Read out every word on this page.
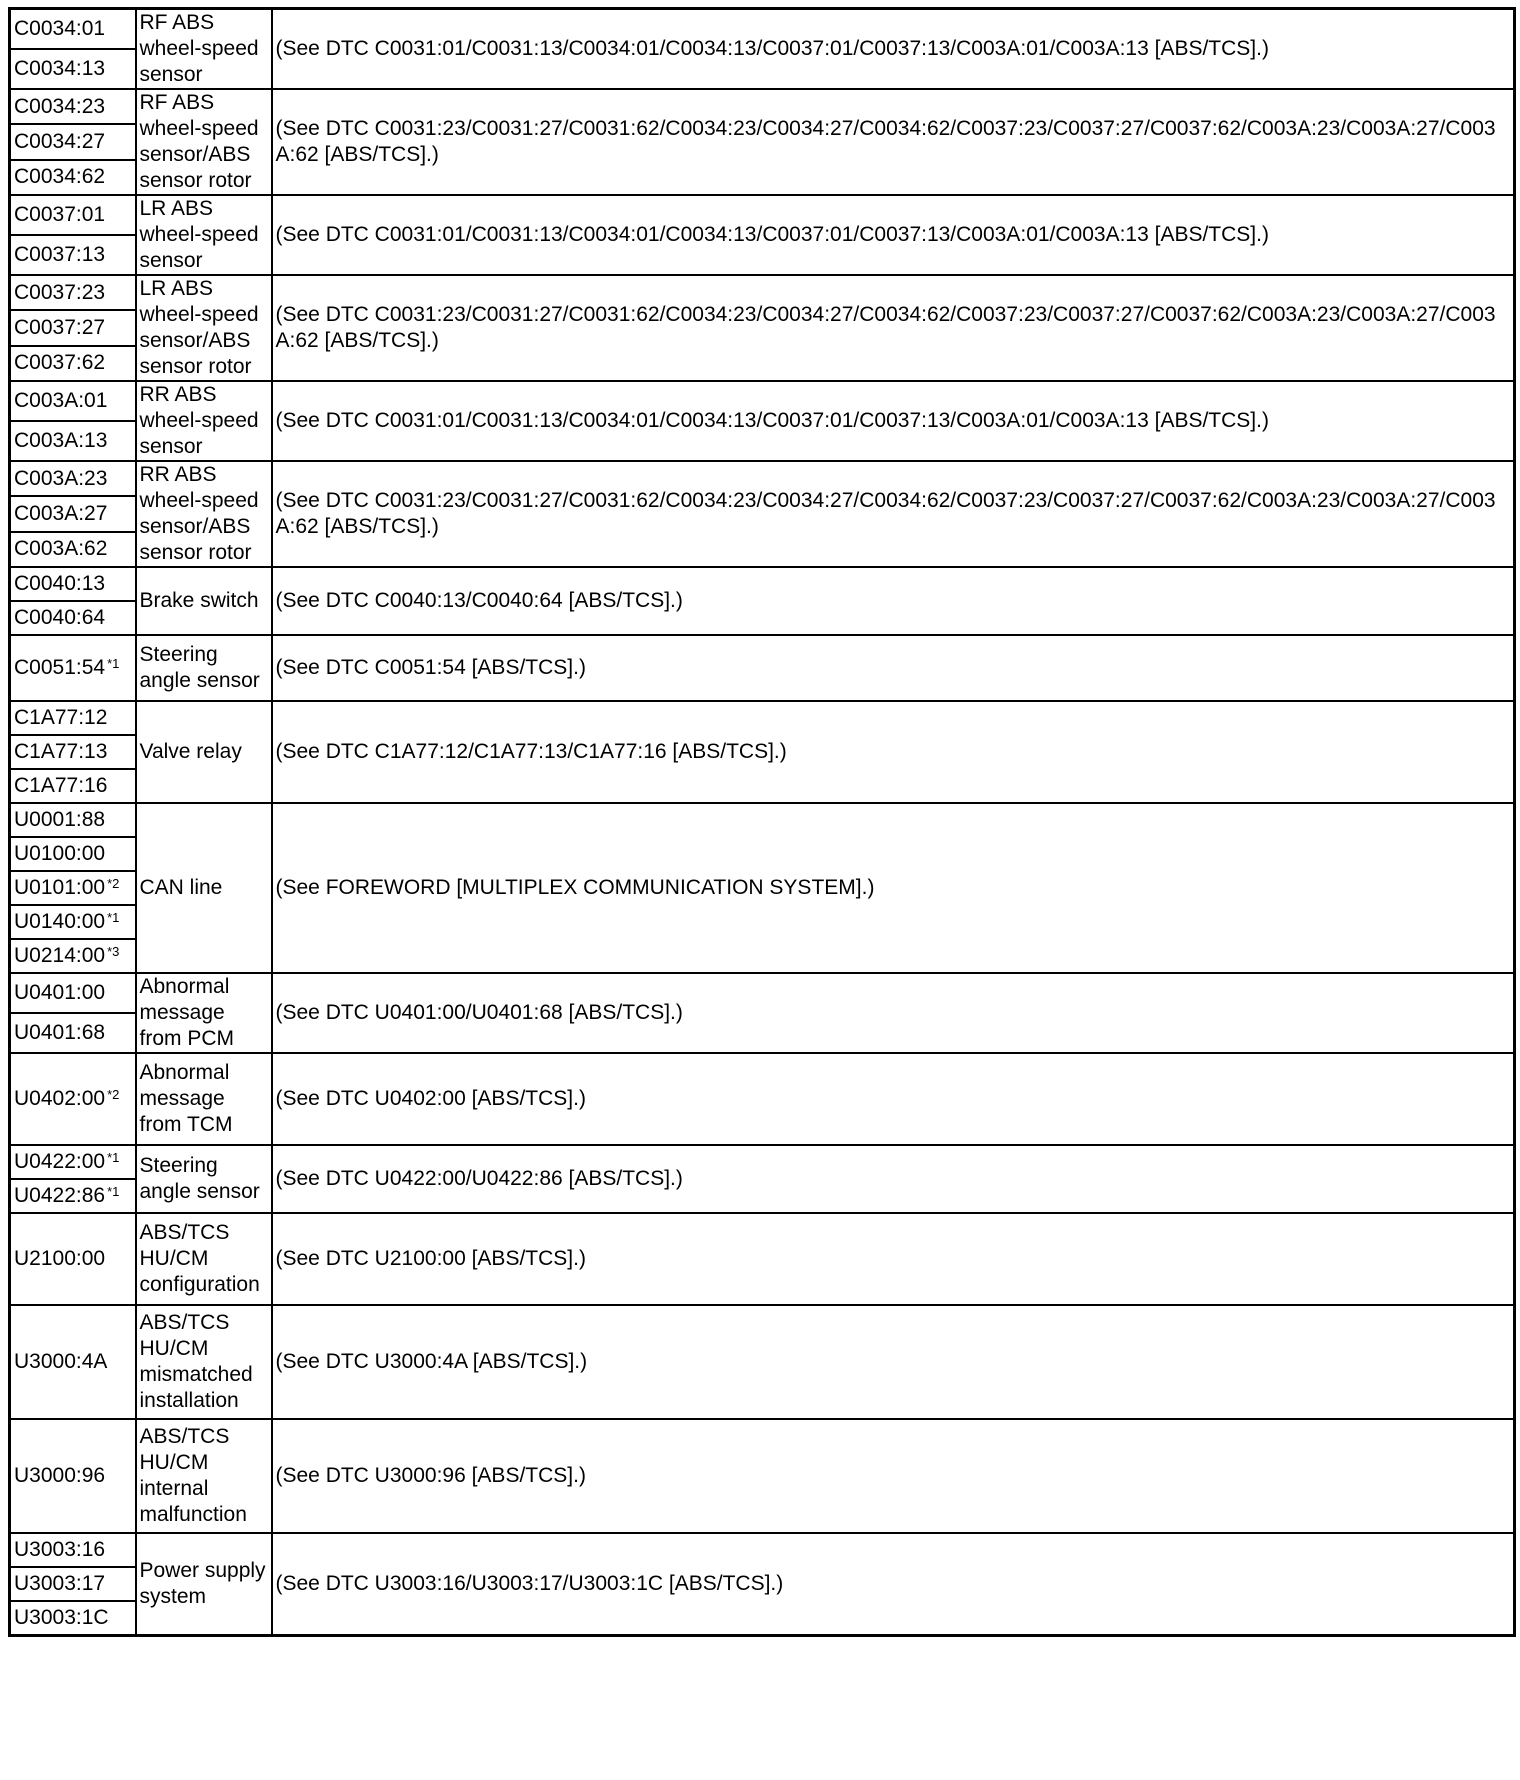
C0034:01	RF ABS wheel-speed sensor	(See DTC C0031:01/C0031:13/C0034:01/C0034:13/C0037:01/C0037:13/C003A:01/C003A:13 [ABS/TCS].)

C0034:13		
C0034:23	RF ABS wheel-speed sensor/ABS sensor rotor	(See DTC C0031:23/C0031:27/C0031:62/C0034:23/C0034:27/C0034:62/C0037:23/C0037:27/C0037:62/C003A:23/C003A:27/C003A:62 [ABS/TCS].)

C0034:27		
C0034:62		
C0037:01	LR ABS wheel-speed sensor	(See DTC C0031:01/C0031:13/C0034:01/C0034:13/C0037:01/C0037:13/C003A:01/C003A:13 [ABS/TCS].)

C0037:13		
C0037:23	LR ABS wheel-speed sensor/ABS sensor rotor	(See DTC C0031:23/C0031:27/C0031:62/C0034:23/C0034:27/C0034:62/C0037:23/C0037:27/C0037:62/C003A:23/C003A:27/C003A:62 [ABS/TCS].)

C0037:27		
C0037:62		
C003A:01	RR ABS wheel-speed sensor	(See DTC C0031:01/C0031:13/C0034:01/C0034:13/C0037:01/C0037:13/C003A:01/C003A:13 [ABS/TCS].)

C003A:13		
C003A:23	RR ABS wheel-speed sensor/ABS sensor rotor	(See DTC C0031:23/C0031:27/C0031:62/C0034:23/C0034:27/C0034:62/C0037:23/C0037:27/C0037:62/C003A:23/C003A:27/C003A:62 [ABS/TCS].)

C003A:27		
C003A:62		
C0040:13	Brake switch	(See DTC C0040:13/C0040:64 [ABS/TCS].)

C0040:64		
C0051:54 $^{*1}$	Steering angle sensor	(See DTC C0051:54 [ABS/TCS].)

C1A77:12	Valve relay	(See DTC C1A77:12/C1A77:13/C1A77:16 [ABS/TCS].)

C1A77:13		
C1A77:16		
U0001:88	CAN line	(See FOREWORD [MULTIPLEX COMMUNICATION SYSTEM].)

U0100:00		
U0101:00 $^{*2}$
U0140:00 $^{*1}$
U0214:00 $^{*3}$
U0401:00	Abnormal message from PCM	(See DTC U0401:00/U0401:68 [ABS/TCS].)

U0401:68		
U0402:00 $^{*2}$	Abnormal message from TCM	(See DTC U0402:00 [ABS/TCS].)

U0422:00 $^{*1}$	Steering angle sensor	(See DTC U0422:00/U0422:86 [ABS/TCS].)

U0422:86 $^{*1}$
U2100:00	ABS/TCS HU/CM configuration	(See DTC U2100:00 [ABS/TCS].)

U3000:4A	ABS/TCS HU/CM mismatched installation	(See DTC U3000:4A [ABS/TCS].)

U3000:96	ABS/TCS HU/CM internal malfunction	(See DTC U3000:96 [ABS/TCS].)

U3003:16	Power supply system	(See DTC U3003:16/U3003:17/U3003:1C [ABS/TCS].)

U3003:17		
U3003:1C		
